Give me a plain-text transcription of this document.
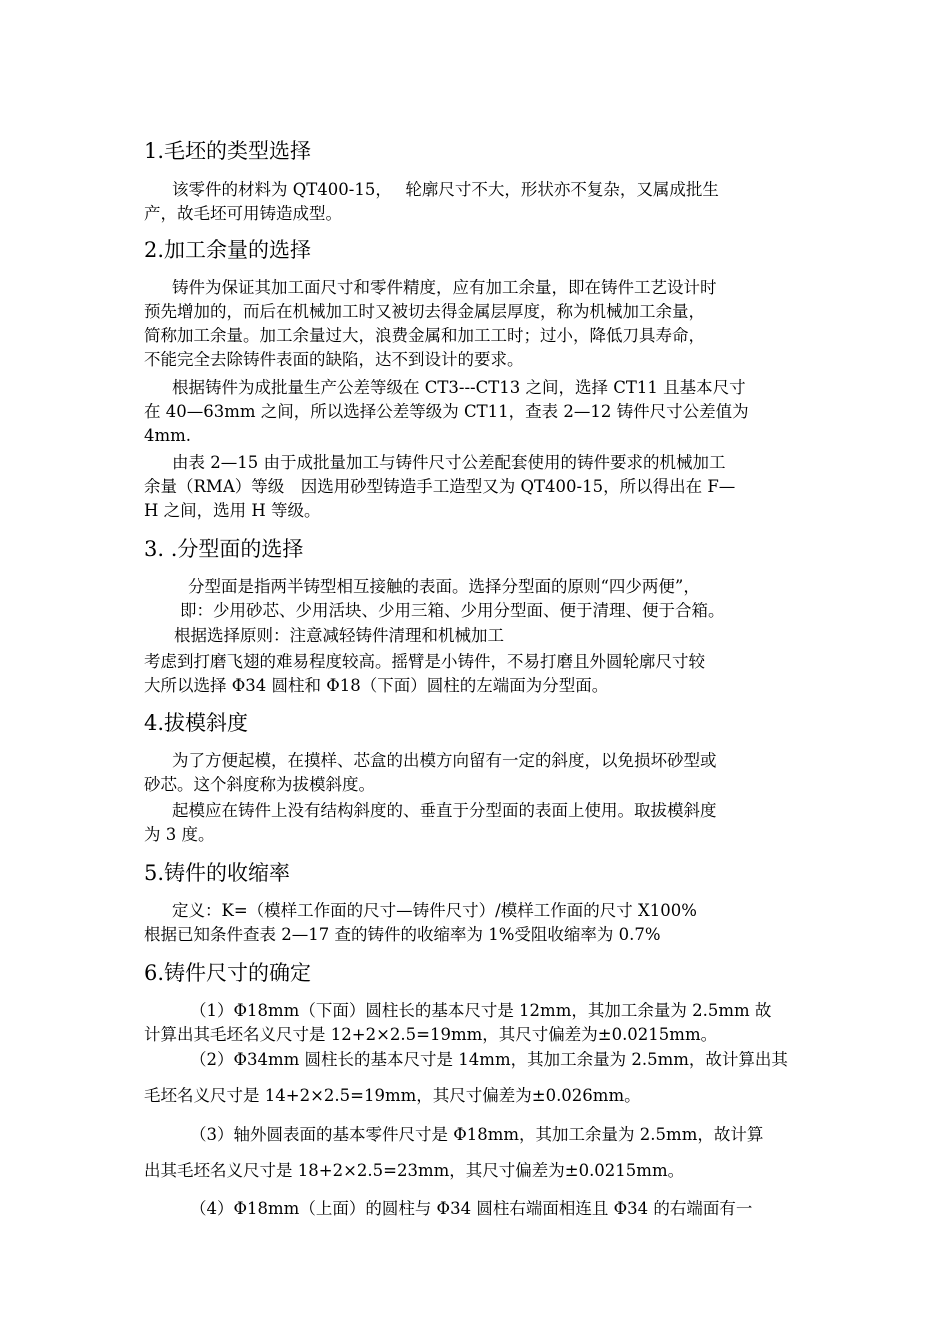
1.毛坯的类型选择
该零件的材料为 QT400-15，　 轮廓尺寸不大，形状亦不复杂，又属成批生
产，故毛坯可用铸造成型。
2.加工余量的选择
铸件为保证其加工面尺寸和零件精度，应有加工余量，即在铸件工艺设计时
预先增加的，而后在机械加工时又被切去得金属层厚度，称为机械加工余量，
简称加工余量。加工余量过大，浪费金属和加工工时；过小，降低刀具寿命，
不能完全去除铸件表面的缺陷，达不到设计的要求。
根据铸件为成批量生产公差等级在 CT3---CT13 之间，选择 CT11 且基本尺寸
在 40—63mm 之间，所以选择公差等级为 CT11，查表 2—12 铸件尺寸公差值为
4mm.
由表 2—15 由于成批量加工与铸件尺寸公差配套使用的铸件要求的机械加工
余量（RMA）等级　因选用砂型铸造手工造型又为 QT400-15，所以得出在 F—
H 之间，选用 H 等级。
3. .分型面的选择
分型面是指两半铸型相互接触的表面。选择分型面的原则“四少两便”，
即：少用砂芯、少用活块、少用三箱、少用分型面、便于清理、便于合箱。
根据选择原则：注意减轻铸件清理和机械加工
考虑到打磨飞翅的难易程度较高。摇臂是小铸件，不易打磨且外圆轮廓尺寸较
大所以选择 Φ34 圆柱和 Φ18（下面）圆柱的左端面为分型面。
4.拔模斜度
为了方便起模，在摸样、芯盒的出模方向留有一定的斜度，以免损坏砂型或
砂芯。这个斜度称为拔模斜度。
起模应在铸件上没有结构斜度的、垂直于分型面的表面上使用。取拔模斜度
为 3 度。
5.铸件的收缩率
定义：K=（模样工作面的尺寸—铸件尺寸）/模样工作面的尺寸 X100%
根据已知条件查表 2—17 查的铸件的收缩率为 1%受阻收缩率为 0.7%
6.铸件尺寸的确定
（1）Φ18mm（下面）圆柱长的基本尺寸是 12mm，其加工余量为 2.5mm 故
计算出其毛坯名义尺寸是 12+2×2.5=19mm，其尺寸偏差为±0.0215mm。
（2）Φ34mm 圆柱长的基本尺寸是 14mm，其加工余量为 2.5mm，故计算出其
毛坯名义尺寸是 14+2×2.5=19mm，其尺寸偏差为±0.026mm。
（3）轴外圆表面的基本零件尺寸是 Φ18mm，其加工余量为 2.5mm，故计算
出其毛坯名义尺寸是 18+2×2.5=23mm，其尺寸偏差为±0.0215mm。
（4）Φ18mm（上面）的圆柱与 Φ34 圆柱右端面相连且 Φ34 的右端面有一
